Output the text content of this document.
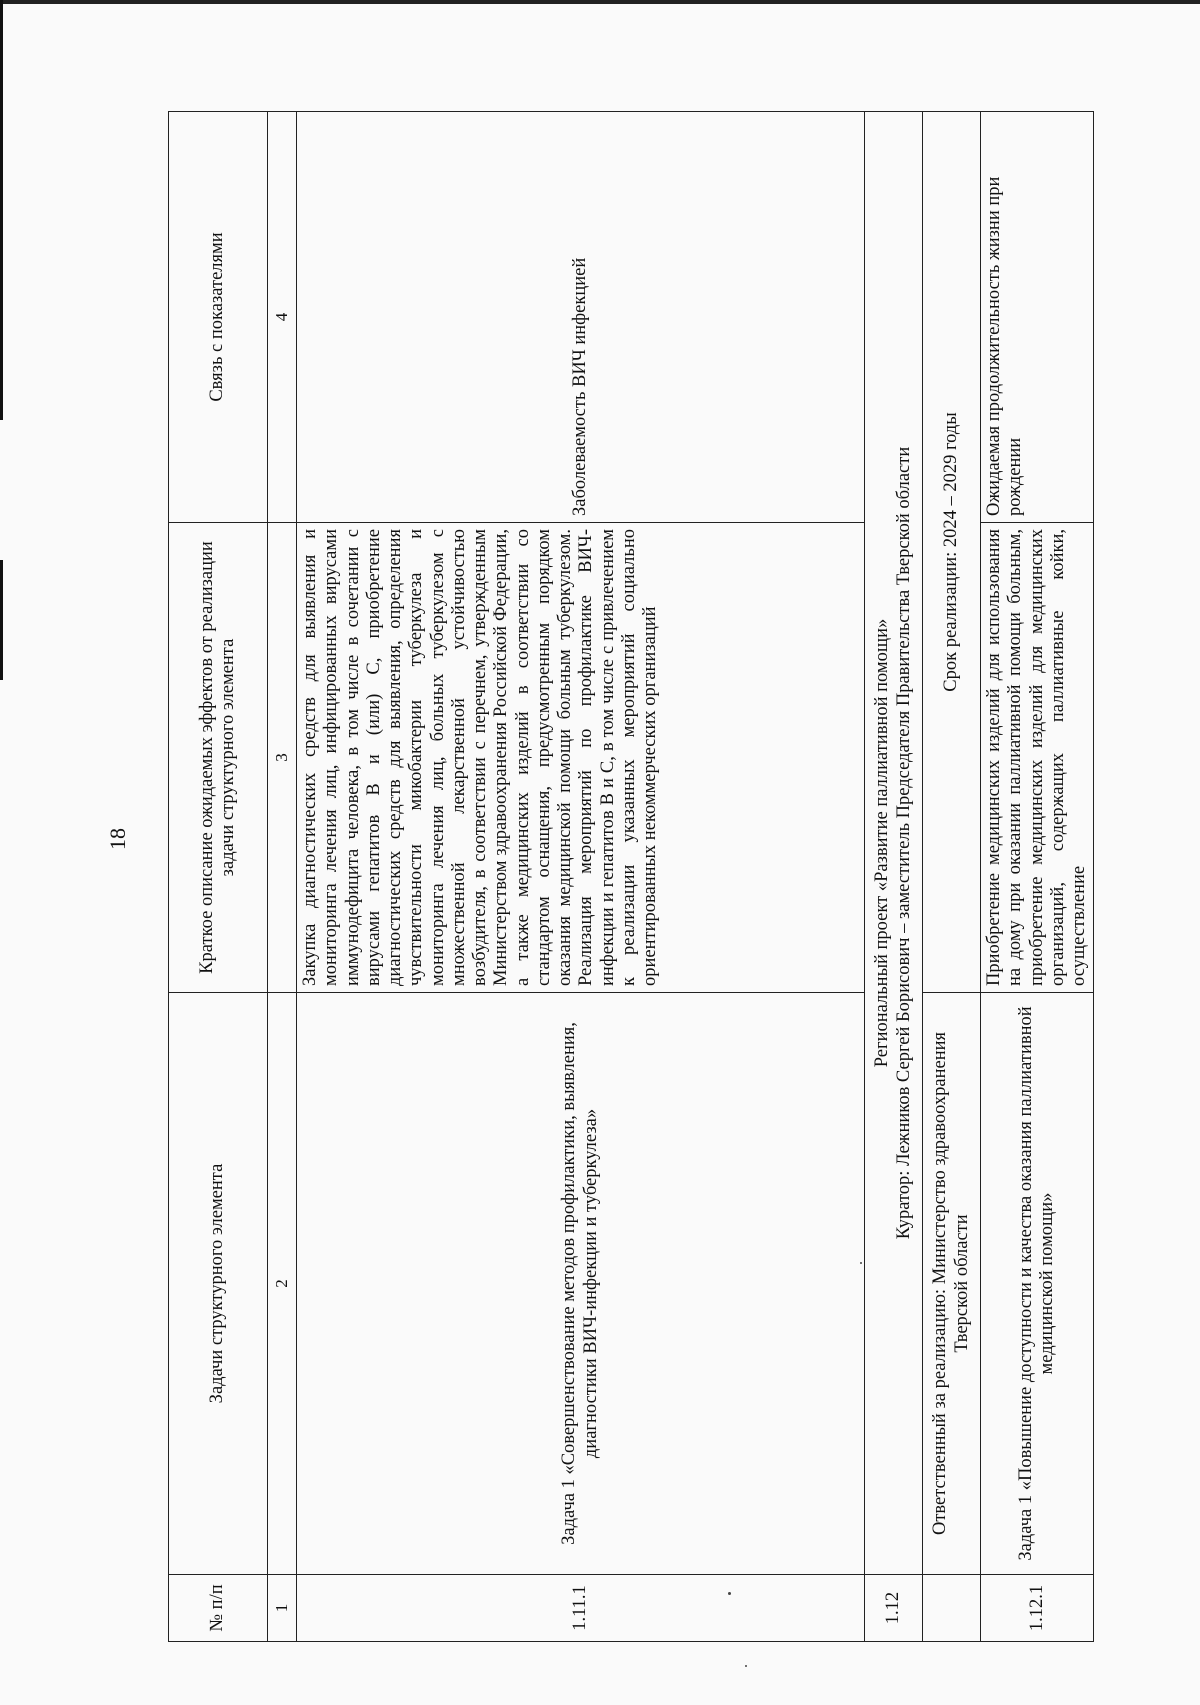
18
№ п/п	Задачи структурного элемента	Краткое описание ожидаемых эффектов от реализации задачи структурного элемента	Связь с показателями
1	2	3	4
1.11.1	Задача 1 «Совершенствование методов профилактики, выявления, диагностики ВИЧ-инфекции и туберкулеза»	Закупка диагностических средств для выявления и мониторинга лечения лиц, инфицированных вирусами иммунодефицита человека, в том числе в сочетании с вирусами гепатитов В и (или) С, приобретение диагностических средств для выявления, определения чувствительности микобактерии туберкулеза и мониторинга лечения лиц, больных туберкулезом с множественной лекарственной устойчивостью возбудителя, в соответствии с перечнем, утвержденным Министерством здравоохранения Российской Федерации, а также медицинских изделий в соответствии со стандартом оснащения, предусмотренным порядком оказания медицинской помощи больным туберкулезом. Реализация мероприятий по профилактике ВИЧ-инфекции и гепатитов В и С, в том числе с привлечением к реализации указанных мероприятий социально ориентированных некоммерческих организаций	Заболеваемость ВИЧ инфекцией
1.12	Региональный проект «Развитие паллиативной помощи» Куратор: Лежников Сергей Борисович – заместитель Председателя Правительства Тверской области		

	Ответственный за реализацию: Министерство здравоохранения Тверской области	Срок реализации: 2024 – 2029 годы	
1.12.1	Задача 1 «Повышение доступности и качества оказания паллиативной медицинской помощи»	Приобретение медицинских изделий для использования на дому при оказании паллиативной помощи больным, приобретение медицинских изделий для медицинских организаций, содержащих паллиативные койки, осуществление	Ожидаемая продолжительность жизни при рождении
